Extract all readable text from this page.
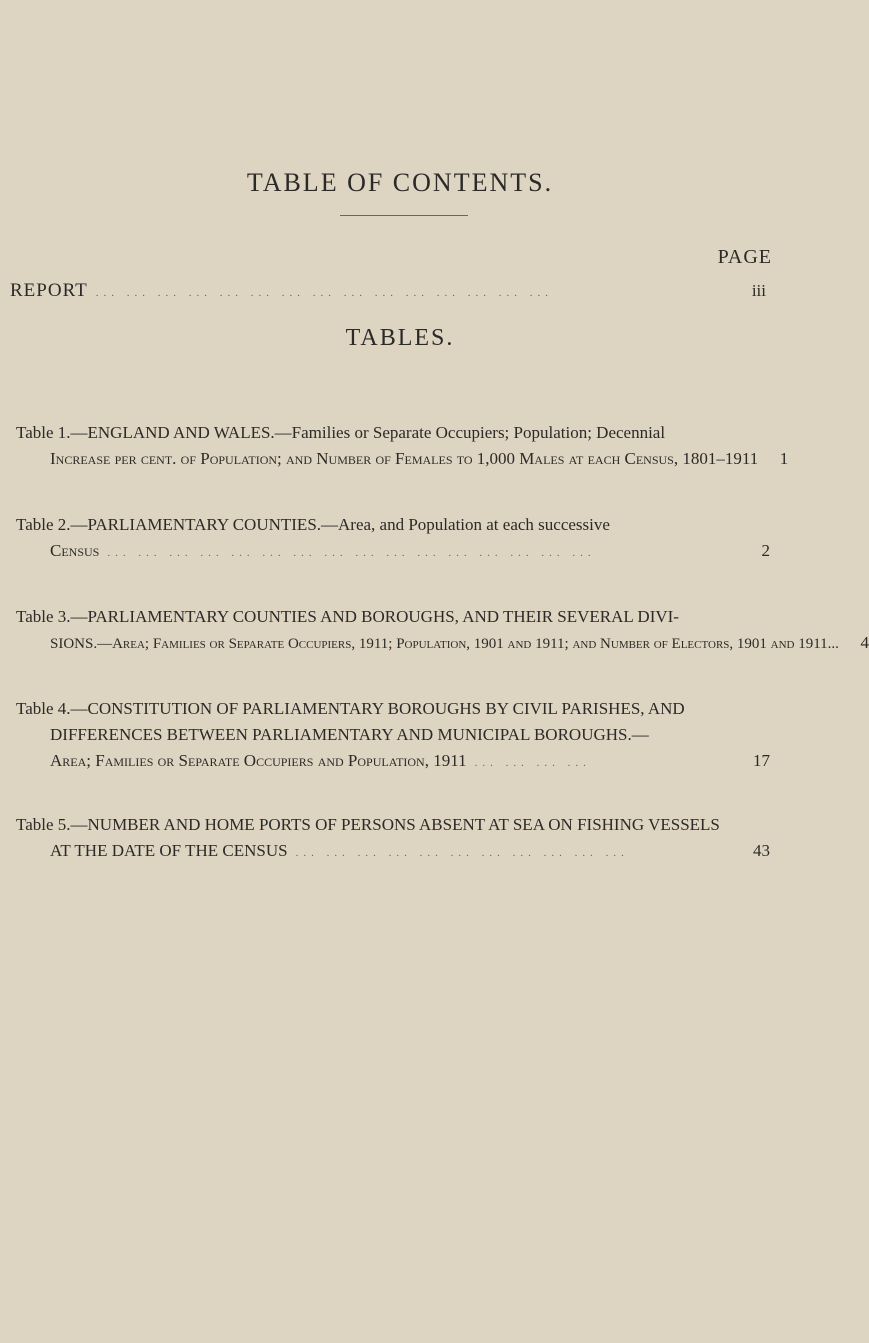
TABLE OF CONTENTS.
PAGE
REPORT ... ... ... ... ... ... ... ... ... ... ... ... ... ... ...	iii
TABLES.
Table 1.—ENGLAND AND WALES.—Families or Separate Occupiers; Population; Decennial
Increase per cent. of Population; and Number of Females to 1,000 Males at each Census, 1801–1911	1
Table 2.—PARLIAMENTARY COUNTIES.—Area, and Population at each successive
Census ... ... ... ... ... ... ... ... ... ... ... ... ... ... ... ...	2
Table 3.—PARLIAMENTARY COUNTIES AND BOROUGHS, AND THEIR SEVERAL DIVI-
SIONS.—Area; Families or Separate Occupiers, 1911; Population, 1901 and 1911; and Number of Electors, 1901 and 1911...	4
Table 4.—CONSTITUTION OF PARLIAMENTARY BOROUGHS BY CIVIL PARISHES, AND
DIFFERENCES BETWEEN PARLIAMENTARY AND MUNICIPAL BOROUGHS.—
Area; Families or Separate Occupiers and Population, 1911 ... ... ... ...	17
Table 5.—NUMBER AND HOME PORTS OF PERSONS ABSENT AT SEA ON FISHING VESSELS
AT THE DATE OF THE CENSUS ... ... ... ... ... ... ... ... ... ... ...	43
